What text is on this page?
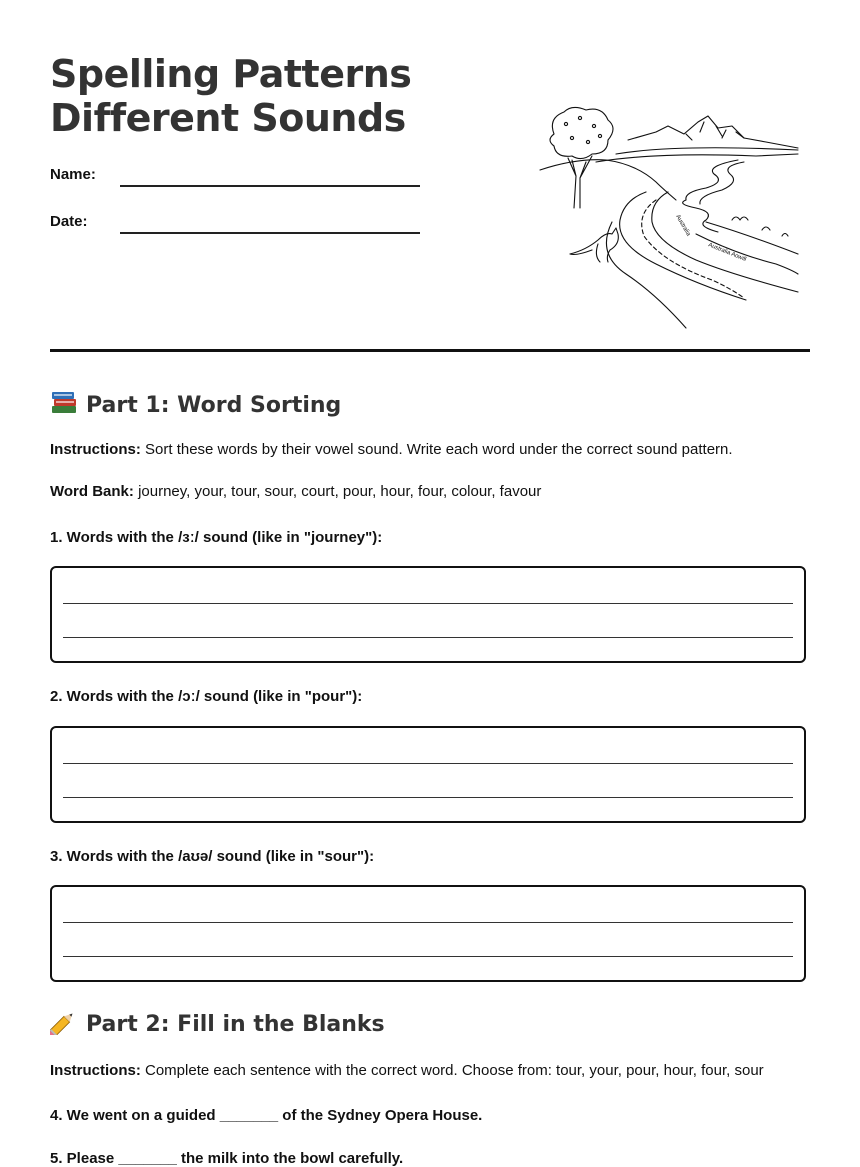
Spelling Patterns
Different Sounds
Name:
Date:	Australia
Australia Aowill
Part 1: Word Sorting

Instructions: Sort these words by their vowel sound. Write each word under the correct sound pattern.

Word Bank: journey, your, tour, sour, court, pour, hour, four, colour, favour

1. Words with the /ɜː/ sound (like in "journey"):
2. Words with the /ɔː/ sound (like in "pour"):
3. Words with the /aʊə/ sound (like in "sour"):
Part 2: Fill in the Blanks

Instructions: Complete each sentence with the correct word. Choose from: tour, your, pour, hour, four, sour

4. We went on a guided _______ of the Sydney Opera House.
5. Please _______ the milk into the bowl carefully.
